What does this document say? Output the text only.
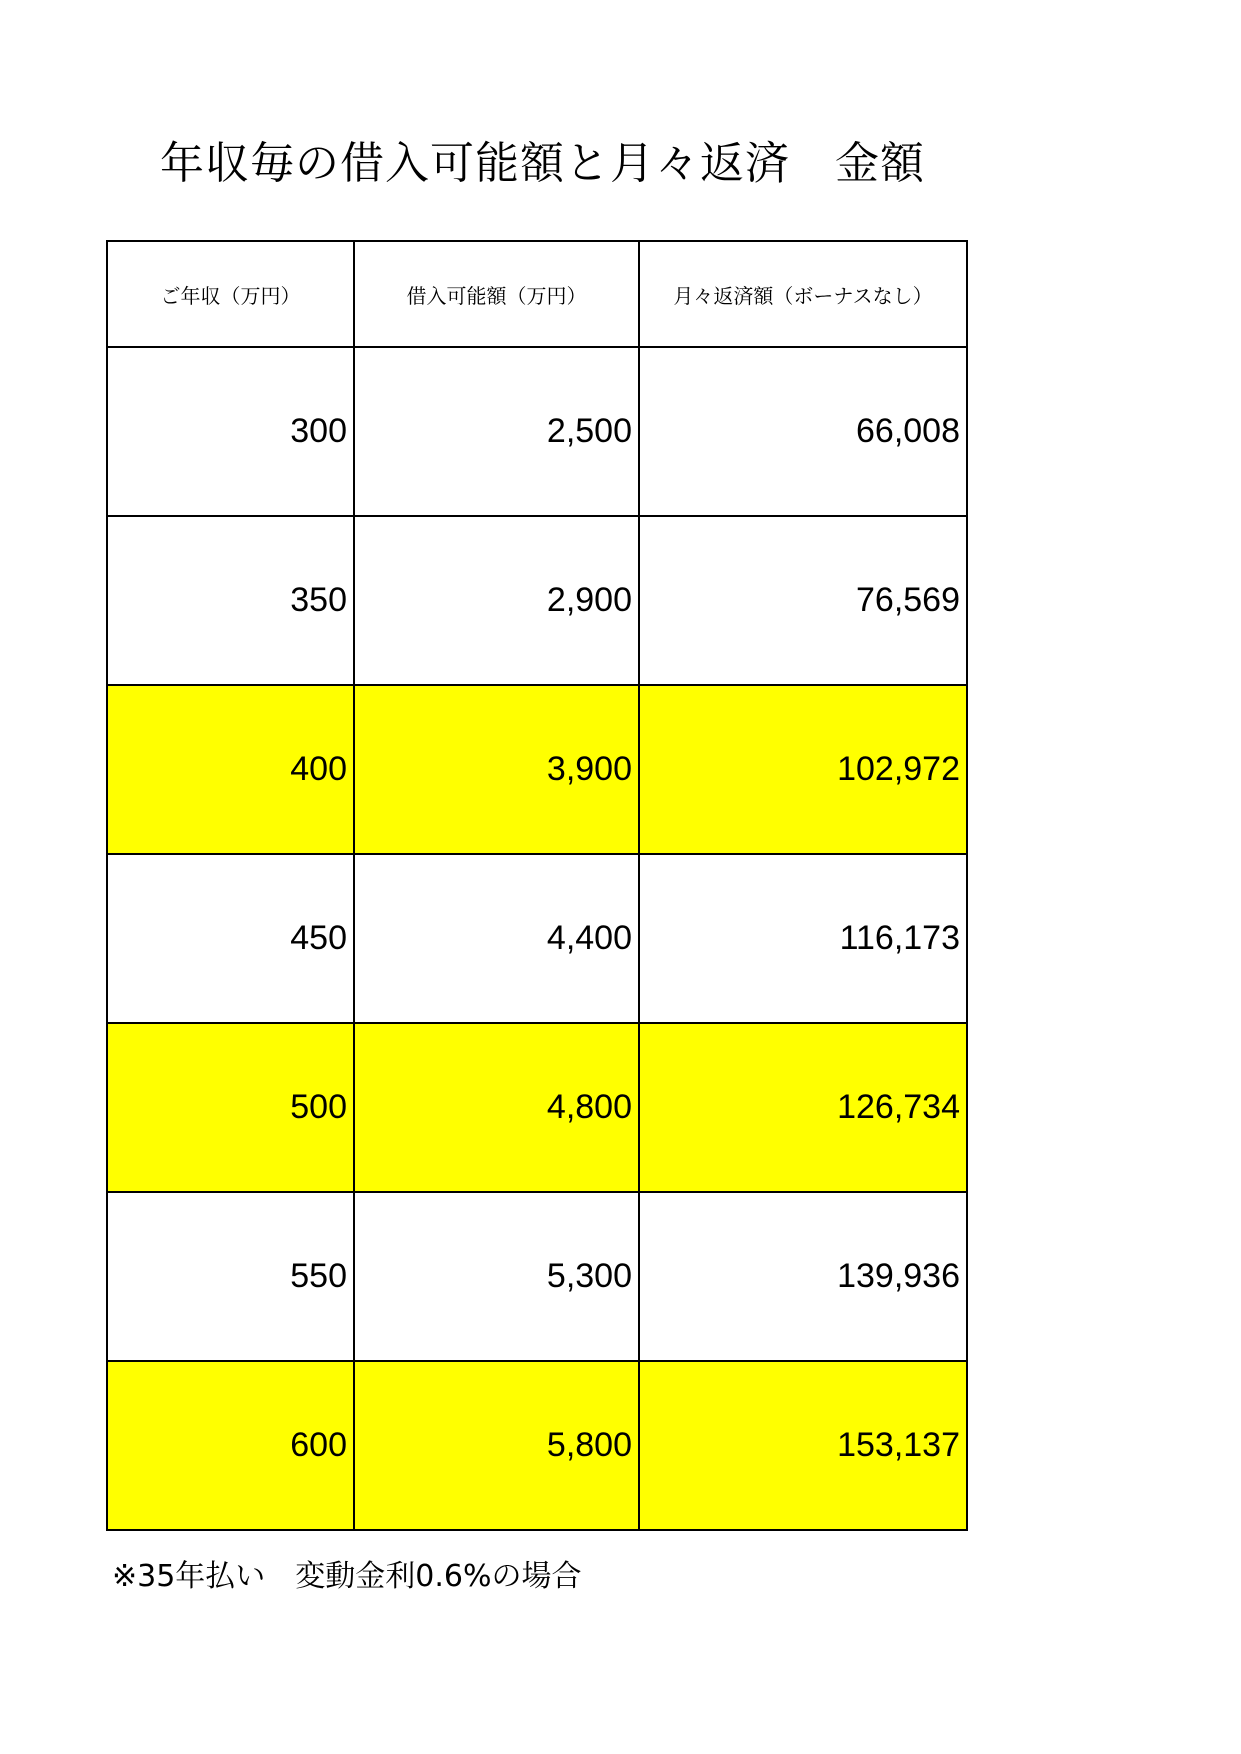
年収毎の借入可能額と月々返済　金額
ご年収（万円）	借入可能額（万円）	月々返済額（ボーナスなし）
300	2,500	66,008
350	2,900	76,569
400	3,900	102,972
450	4,400	116,173
500	4,800	126,734
550	5,300	139,936
600	5,800	153,137
※35年払い　変動金利0.6%の場合
